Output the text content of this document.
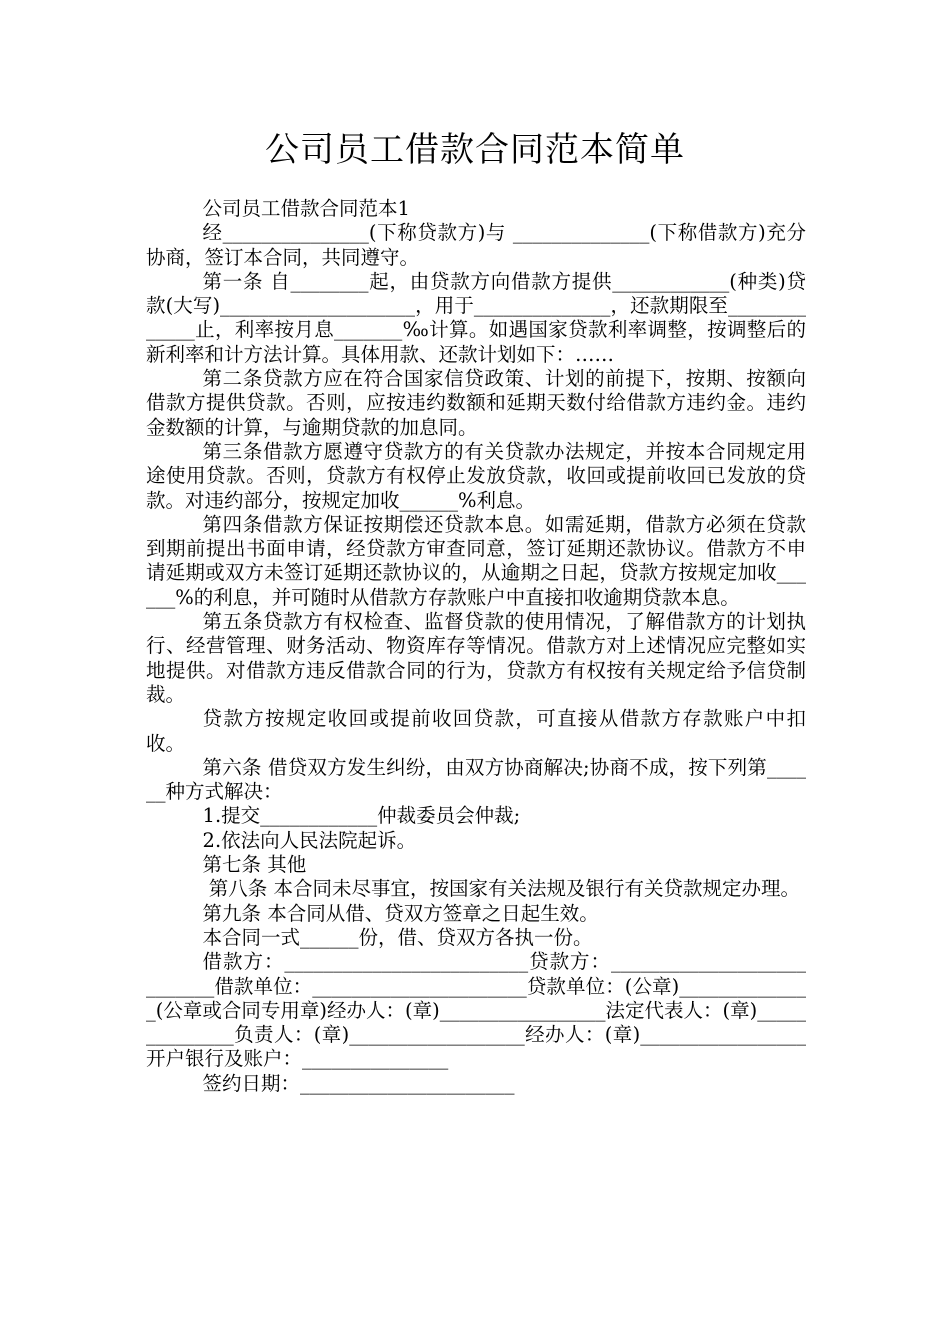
公司员工借款合同范本简单

公司员工借款合同范本1

经_______________(下称贷款方)与 ______________(下称借款方)充分协商，签订本合同，共同遵守。

第一条 自________起，由贷款方向借款方提供____________(种类)贷款(大写)____________________，用于______________，还款期限至_____________止，利率按月息_______‰计算。如遇国家贷款利率调整，按调整后的新利率和计方法计算。具体用款、还款计划如下：……

第二条贷款方应在符合国家信贷政策、计划的前提下，按期、按额向借款方提供贷款。否则，应按违约数额和延期天数付给借款方违约金。违约金数额的计算，与逾期贷款的加息同。

第三条借款方愿遵守贷款方的有关贷款办法规定，并按本合同规定用途使用贷款。否则，贷款方有权停止发放贷款，收回或提前收回已发放的贷款。对违约部分，按规定加收______%利息。

第四条借款方保证按期偿还贷款本息。如需延期，借款方必须在贷款到期前提出书面申请，经贷款方审查同意，签订延期还款协议。借款方不申请延期或双方未签订延期还款协议的，从逾期之日起，贷款方按规定加收______%的利息，并可随时从借款方存款账户中直接扣收逾期贷款本息。

第五条贷款方有权检查、监督贷款的使用情况，了解借款方的计划执行、经营管理、财务活动、物资库存等情况。借款方对上述情况应完整如实地提供。对借款方违反借款合同的行为，贷款方有权按有关规定给予信贷制裁。

贷款方按规定收回或提前收回贷款，可直接从借款方存款账户中扣收。

第六条 借贷双方发生纠纷，由双方协商解决;协商不成，按下列第______种方式解决：

1.提交____________仲裁委员会仲裁;

2.依法向人民法院起诉。

第七条 其他

第八条 本合同未尽事宜，按国家有关法规及银行有关贷款规定办理。

第九条 本合同从借、贷双方签章之日起生效。

本合同一式______份，借、贷双方各执一份。

借款方：_________________________贷款方：___________________________借款单位：______________________贷款单位：(公章)______________(公章或合同专用章)经办人：(章)_________________法定代表人：(章)______________负责人：(章)__________________经办人：(章)_________________开户银行及账户：_______________

签约日期：______________________
